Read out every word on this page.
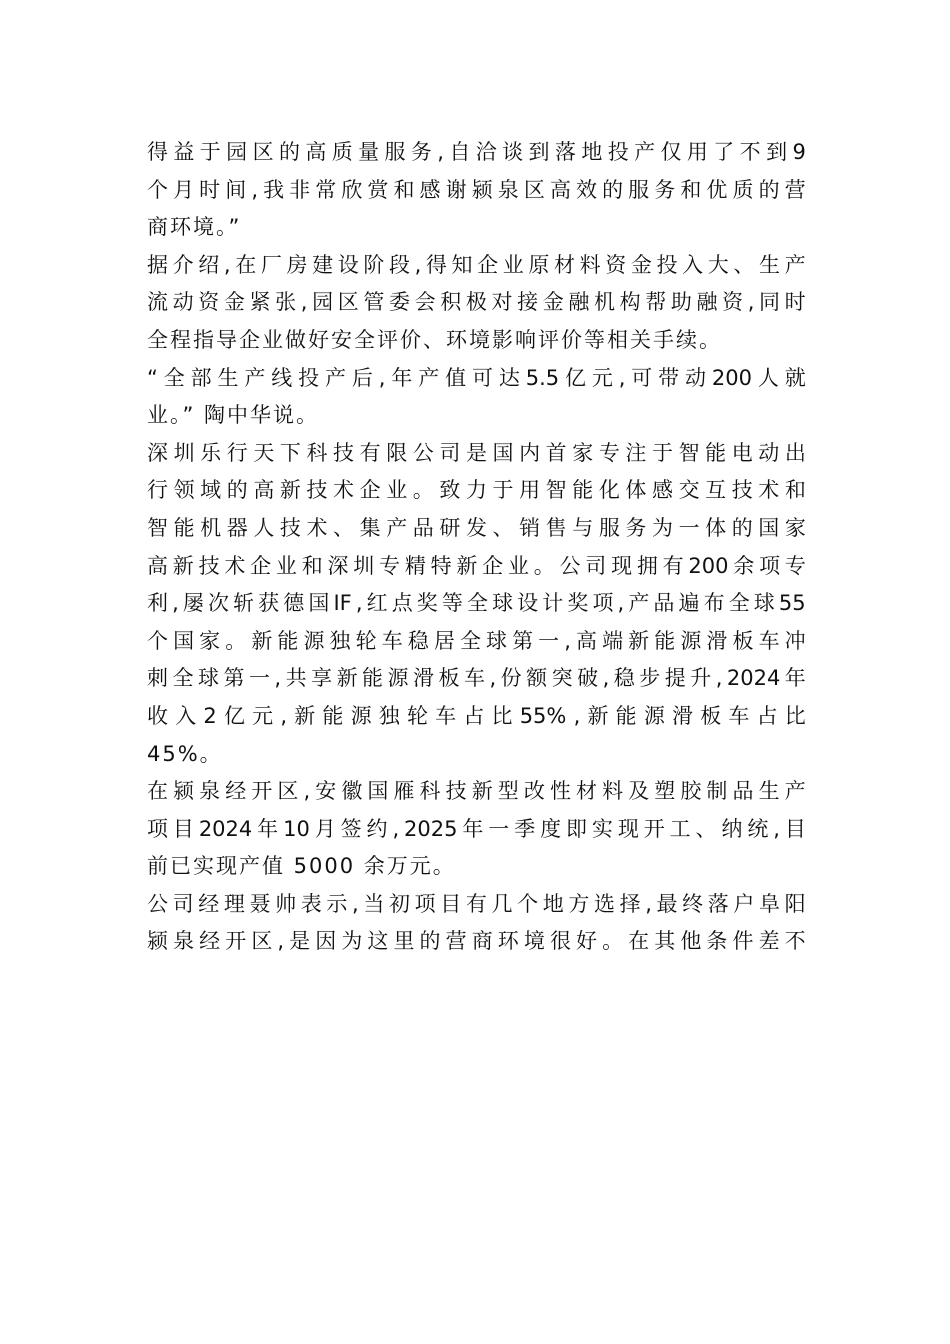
得 益 于 园 区 的 高 质 量 服 务 , 自 洽 谈 到 落 地 投 产 仅 用 了 不 到 9
个 月 时 间 , 我 非 常 欣 赏 和 感 谢 颍 泉 区 高 效 的 服 务 和 优 质 的 营
商环境。”
据 介 绍 , 在 厂 房 建 设 阶 段 , 得 知 企 业 原 材 料 资 金 投 入 大 、 生 产
流 动 资 金 紧 张 , 园 区 管 委 会 积 极 对 接 金 融 机 构 帮 助 融 资 , 同 时
全程指导企业做好安全评价、环境影响评价等相关手续。
“ 全 部 生 产 线 投 产 后 , 年 产 值 可 达 5.5 亿 元 , 可 带 动 200 人 就
业。” 陶中华说。
深 圳 乐 行 天 下 科 技 有 限 公 司 是 国 内 首 家 专 注 于 智 能 电 动 出
行 领 域 的 高 新 技 术 企 业 。 致 力 于 用 智 能 化 体 感 交 互 技 术 和
智 能 机 器 人 技 术 、 集 产 品 研 发 、 销 售 与 服 务 为 一 体 的 国 家
高 新 技 术 企 业 和 深 圳 专 精 特 新 企 业 。 公 司 现 拥 有 200 余 项 专
利 , 屡 次 斩 获 德 国 IF , 红 点 奖 等 全 球 设 计 奖 项 , 产 品 遍 布 全 球 55
个 国 家 。 新 能 源 独 轮 车 稳 居 全 球 第 一 , 高 端 新 能 源 滑 板 车 冲
刺 全 球 第 一 , 共 享 新 能 源 滑 板 车 , 份 额 突 破 , 稳 步 提 升 , 2024 年
收 入 2 亿 元 , 新 能 源 独 轮 车 占 比 55% , 新 能 源 滑 板 车 占 比
45%。
在 颍 泉 经 开 区 , 安 徽 国 雁 科 技 新 型 改 性 材 料 及 塑 胶 制 品 生 产
项 目 2024 年 10 月 签 约 , 2025 年 一 季 度 即 实 现 开 工 、 纳 统 , 目
前已实现产值 5000 余万元。
公 司 经 理 聂 帅 表 示 , 当 初 项 目 有 几 个 地 方 选 择 , 最 终 落 户 阜 阳
颍 泉 经 开 区 , 是 因 为 这 里 的 营 商 环 境 很 好 。 在 其 他 条 件 差 不
